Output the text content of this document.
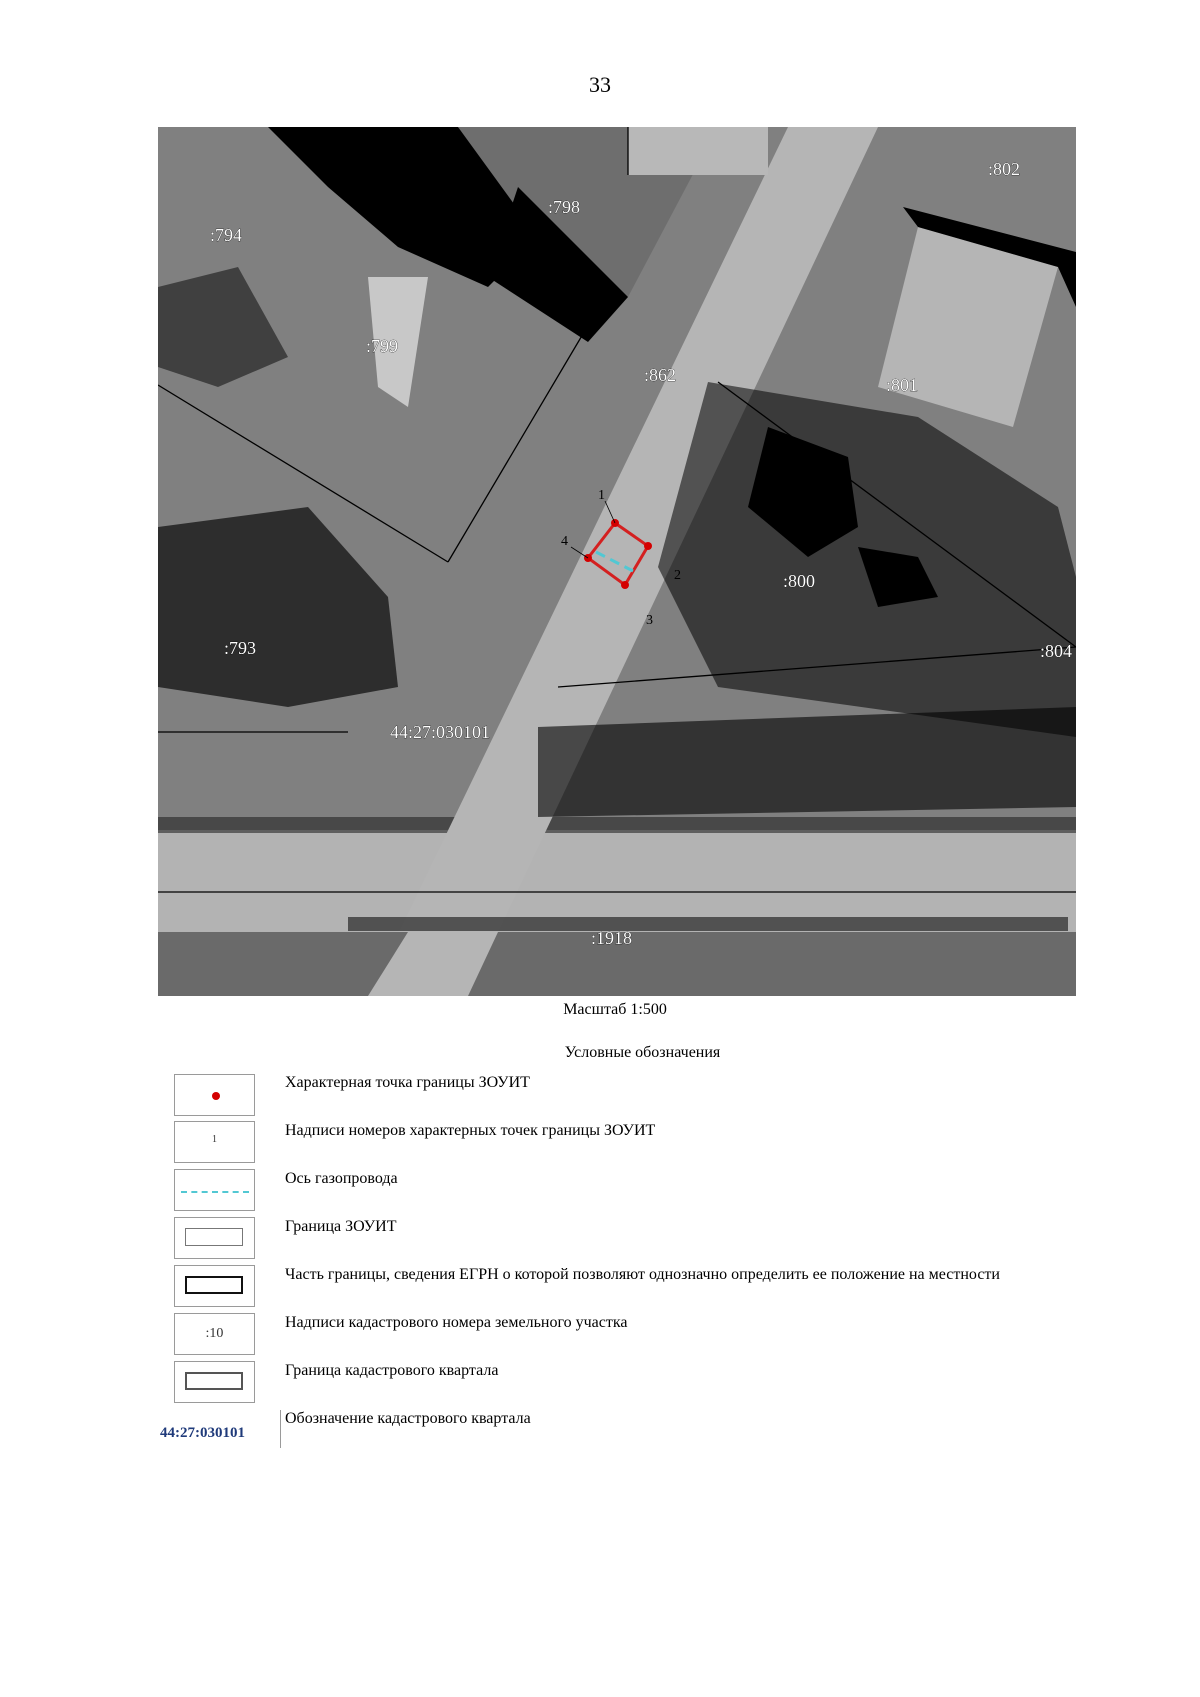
33
1
2
3
4
:802
:798
:794
:799
:862	:801
:800
:793	:804
:1918
44:27:030101
Масштаб 1:500
Условные обозначения
Характерная точка границы ЗОУИТ
1
Надписи номеров характерных точек границы ЗОУИТ
Ось газопровода
Граница ЗОУИТ
Часть границы, сведения ЕГРН о которой позволяют однозначно определить ее положение на местности
:10
Надписи кадастрового номера земельного участка
Граница кадастрового квартала
44:27:030101
Обозначение кадастрового квартала
